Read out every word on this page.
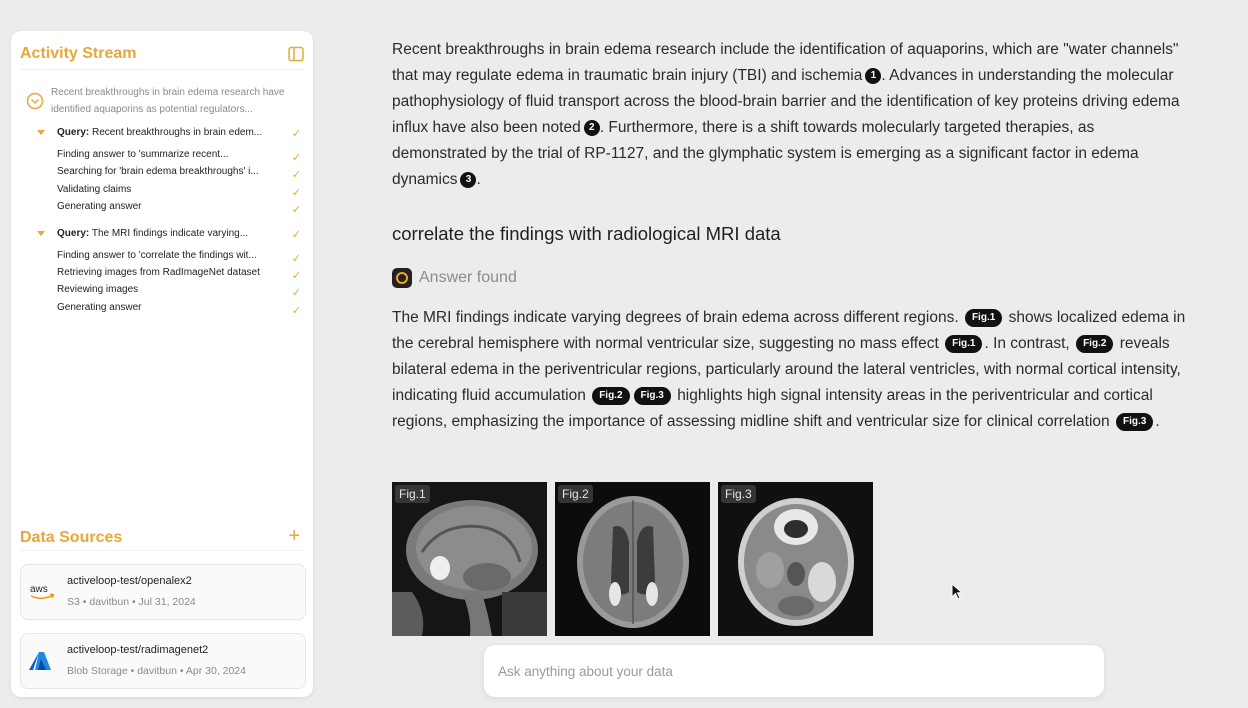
Activity Stream
Recent breakthroughs in brain edema research have identified aquaporins as potential regulators...
Query: Recent breakthroughs in brain edem...	✓
Finding answer to 'summarize recent...	✓
Searching for 'brain edema breakthroughs' i...	✓
Validating claims	✓
Generating answer	✓
Query: The MRI findings indicate varying...	✓
Finding answer to 'correlate the findings wit...	✓
Retrieving images from RadImageNet dataset	✓
Reviewing images	✓
Generating answer	✓
Data Sources	+
aws
activeloop-test/openalex2
S3 • davitbun • Jul 31, 2024
activeloop-test/radimagenet2
Blob Storage • davitbun • Apr 30, 2024
Recent breakthroughs in brain edema research include the identification of aquaporins, which are "water channels" that may regulate edema in traumatic brain injury (TBI) and ischemia 1 . Advances in understanding the molecular pathophysiology of fluid transport across the blood-brain barrier and the identification of key proteins driving edema influx have also been noted 2 . Furthermore, there is a shift towards molecularly targeted therapies, as demonstrated by the trial of RP-1127, and the glymphatic system is emerging as a significant factor in edema dynamics 3 .
correlate the findings with radiological MRI data
Answer found
The MRI findings indicate varying degrees of brain edema across different regions. Fig.1 shows localized edema in the cerebral hemisphere with normal ventricular size, suggesting no mass effect Fig.1 . In contrast, Fig.2 reveals bilateral edema in the periventricular regions, particularly around the lateral ventricles, with normal cortical intensity, indicating fluid accumulation Fig.2 Fig.3 highlights high signal intensity areas in the periventricular and cortical regions, emphasizing the importance of assessing midline shift and ventricular size for clinical correlation Fig.3 .
Fig.1	Fig.2	Fig.3
Ask anything about your data
